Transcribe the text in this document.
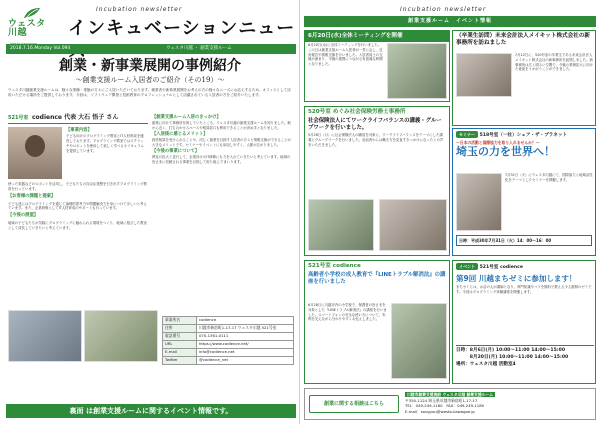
ウェスタ
川越
Incubation newsletter
インキュベーションニュー
2018.7.16.Monday Vol.094	ウェスタ川越 ・ 創業支援ルーム
創業・新事業展開の事例紹介
～創業支援ルーム入居者のご紹介（その19）～
ウェスタ川越創業支援ルームは、様々な業種・業態の方々にご入居いただいております。創業者や新事業展開をお考えの方の様々なニーズにお応えするため、オフィスとして活用いただける場所をご提供しております。今回は、ソフトウェア開発と技術教育のプロフェッショナルとして活躍されている入居者の方をご紹介いたします。
521号室 codience 代表 大石 悟子 さん
【事業内容】
子ども向けのプログラミング教室とIT人材育成を運営しております。プログラミング教室ではスクラッチやロボットを使用して楽しく学べるカリキュラムを提供しています。

使った楽器などのロボットを活用し、子どもたちの自由な発想を引き出すプログラミング教育を行っています。

【お客様の課題と提案】

子ども達にはプログラミングを通じて論理的思考力や問題解決力を身につけてほしいと考えています。また、企業研修としてIT人材育成のサポートも行っています。

【今後の展望】

地域の子どもたちが気軽にプログラミングに触れられる環境をつくり、地域に根ざした教室として成長していきたいと考えています。

【創業支援ルーム入居のきっかけ】
創業に向けて事務所を探していたところ、ウェスタ川越の創業支援ルームを知りました。駅から近く、打ち合わせスペースや相談窓口も利用できることが決め手となりました。
【入居後に感じるメリット】
経営相談を受けられることや、同じく創業を目指す入居者の方々と情報交換ができることが大きなメリットです。セミナーやイベントにも参加しやすく、人脈が広がりました。
【今後の事業について】
教室の拡大と並行して、企業向けのIT研修にも力を入れていきたいと考えています。地域の皆さまに信頼される事業を目指して取り組んでまいります。
事業所名	codience
住所	川越市新宿町1-17-17 ウェスタ川越 521号室
電話番号	070-1361-0111
URL	https://www.codience.net/
E-mail	info@codience.net
Twitter	@codience_net
裏面 は創業支援ルームに関するイベント情報です。
Incubation newsletter
創業支援ルーム　イベント情報
6月20日(水)全体ミーティングを開催
6月20日(水)に全体ミーティングを行いました。この日は創業支援ルーム入居者が一堂に会し、近況報告や情報交換を行いました。入居者同士の交流が深まり、今後の連携につながる有意義な時間となりました。
（卒業生訪問）未来会計法人メイキット株式会社の新事務所を訪ねました
7月12日に、520号室の卒業生である未来会計法人メイキット株式会社の新事務所を訪問しました。新事務所は広く明るい空間で、今後の業務拡大に向けた意欲をうかがうことができました。
520号室 めぐみ社会保険労務士事務所
社会保険法人にてワークライフバランスの講義・グループワークを行いました。
5月28日（月）に社会保険法人の職員を対象に、ワークライフバランスをテーマにした講義とグループワークを行いました。参加者からは働き方を見直すきっかけになったとの声をいただきました。
セミナー 518号室（一社）シェア・ザ・プラネット
～日本の活動と国際協力を取り入れませんか？～
埼玉の力を世界へ！
7月31日（火）にウェスタ川越にて、国際協力と地域活性化をテーマとしたセミナーを開催します。
日時：平成30年7月31日（火）14：00～16：00
521号室 codience
高齢者小学校の成人教育で『LINEトラブル解消法』の講座を行いました
6月28日に川越市内の小学校で、保護者の皆さまを対象とした『LINEトラブル解消法』の講座を行いました。スマートフォンの安全な使い方について、実例を交えながら分かりやすくお伝えしました。
イベント 521号室 codience
第9回 川越まちゼミに参加します！
まちゼミとは、お店の人が講師となり、専門知識やコツを無料で教える少人数制のゼミです。今回はプログラミング体験講座を開催します。
日時：8月6日(月) 10:00～11:00 14:00～15:00
　　　8月20日(月) 10:00～11:00 14:00～15:00
場所：ウェスタ川越 活動室4
創業に関する相談はこちら
川越市創業支援施設 ウェスタ川越 創業支援ルーム
〒350-1124 埼玉県川越市新宿町1-17-17
TEL：049-249-1160　FAX：049-249-1180
E-mail：sougyou@westa-kawagoe.jp
